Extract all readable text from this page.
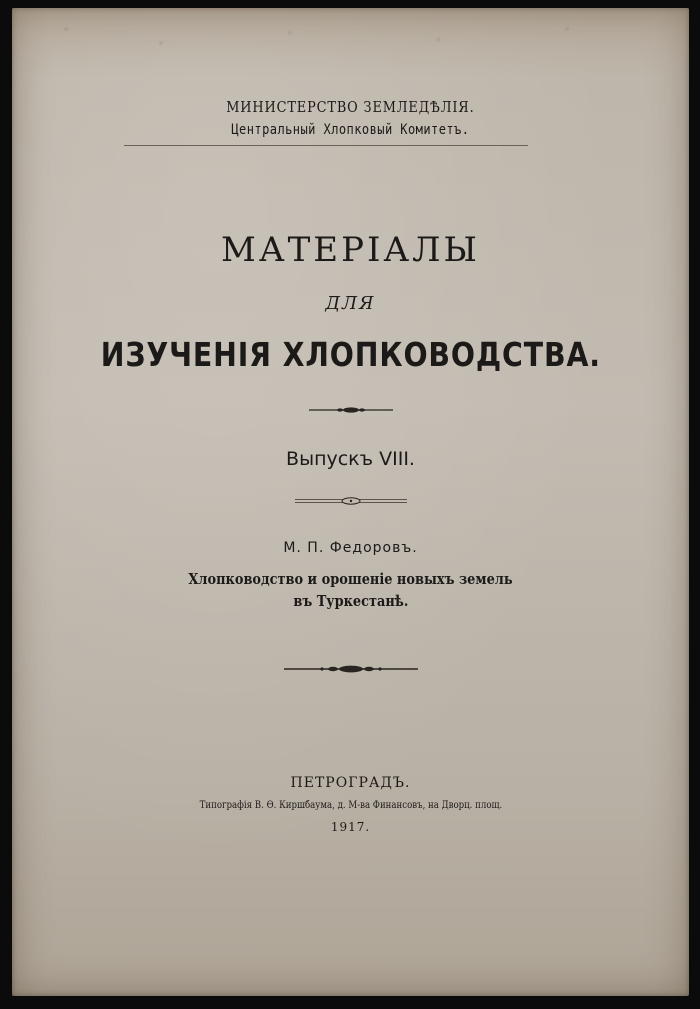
МИНИСТЕРСТВО ЗЕМЛЕДѢЛІЯ.
Центральный Хлопковый Комитетъ.
МАТЕРІАЛЫ
ДЛЯ
ИЗУЧЕНІЯ ХЛОПКОВОДСТВА.
Выпускъ VIII.
М. П. Федоровъ.
Хлопководство и орошеніе новыхъ земель
въ Туркестанѣ.
ПЕТРОГРАДЪ.
Типографія В. Ѳ. Киршбаума, д. М-ва Финансовъ, на Дворц. площ.
1917.
